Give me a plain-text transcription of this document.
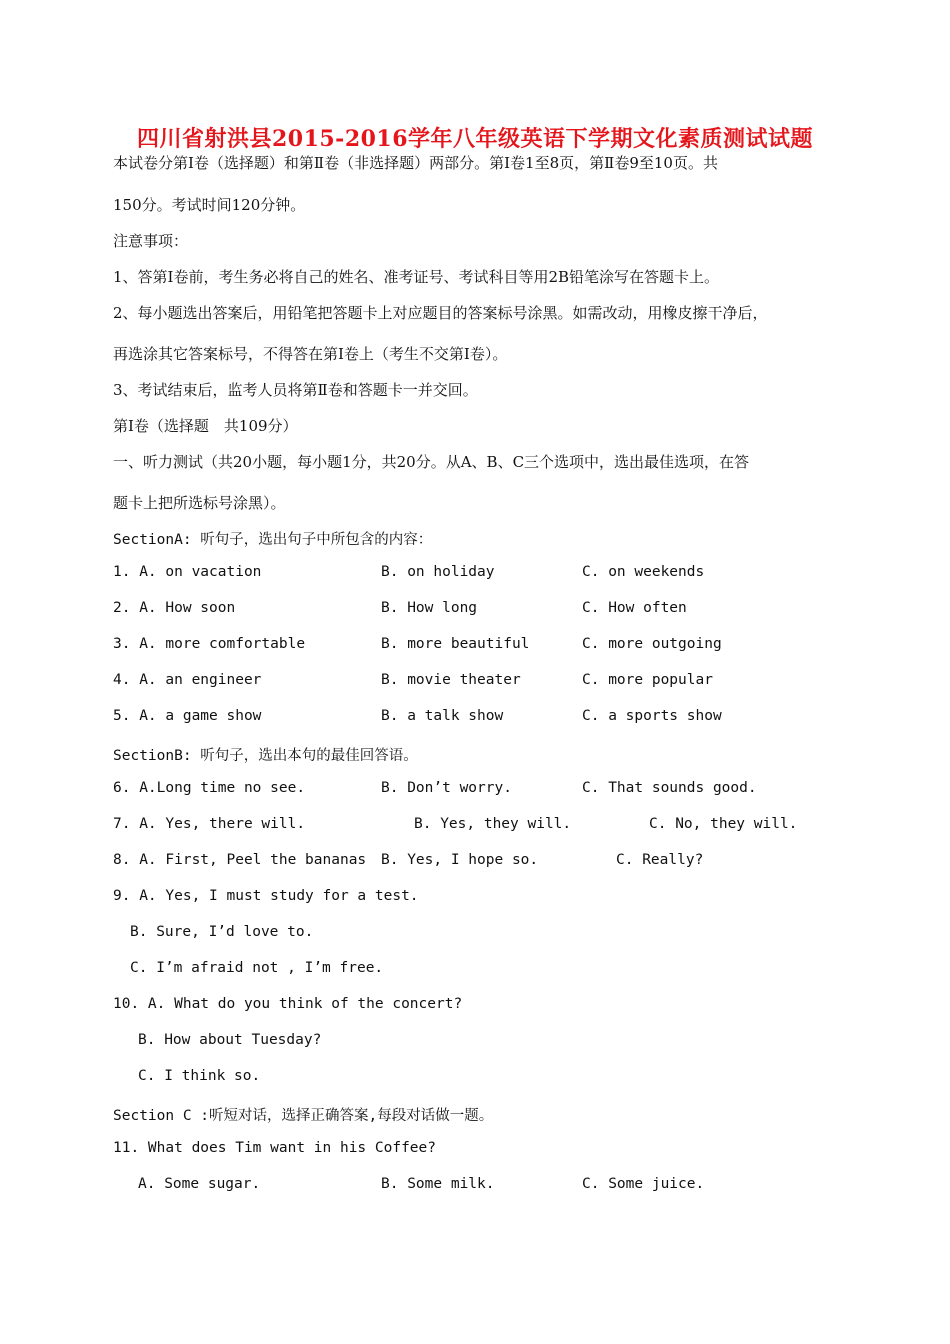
四川省射洪县2015-2016学年八年级英语下学期文化素质测试试题
本试卷分第Ⅰ卷（选择题）和第Ⅱ卷（非选择题）两部分。第Ⅰ卷1至8页，第Ⅱ卷9至10页。共
150分。考试时间120分钟。
注意事项：
1、答第Ⅰ卷前，考生务必将自己的姓名、准考证号、考试科目等用2B铅笔涂写在答题卡上。
2、每小题选出答案后，用铅笔把答题卡上对应题目的答案标号涂黑。如需改动，用橡皮擦干净后，
再选涂其它答案标号，不得答在第Ⅰ卷上（考生不交第Ⅰ卷）。
3、考试结束后，监考人员将第Ⅱ卷和答题卡一并交回。
第Ⅰ卷（选择题　共109分）
一、听力测试（共20小题，每小题1分，共20分。从A、B、C三个选项中，选出最佳选项，在答
题卡上把所选标号涂黑）。
SectionA: 听句子，选出句子中所包含的内容：
1. A. on vacation	B. on holiday	C. on weekends
2. A. How soon	B. How long	C. How often
3. A. more comfortable	B. more beautiful	C. more outgoing
4. A. an engineer	B. movie theater	C. more popular
5. A. a game show	B. a talk show	C. a sports show
SectionB: 听句子，选出本句的最佳回答语。
6. A.Long time no see.	B. Don’t worry.	C. That sounds good.
7. A. Yes, there will.	B. Yes, they will.	C. No, they will.
8. A. First, Peel the bananas B. Yes, I hope so.	C. Really?
9. A. Yes, I must study for a test.
B. Sure, I’d love to.
C. I’m afraid not , I’m free.
10. A. What do you think of the concert?
B. How about Tuesday?
C. I think so.
Section C :听短对话，选择正确答案,每段对话做一题。
11. What does Tim want in his Coffee?
A. Some sugar.	B. Some milk.	C. Some juice.
